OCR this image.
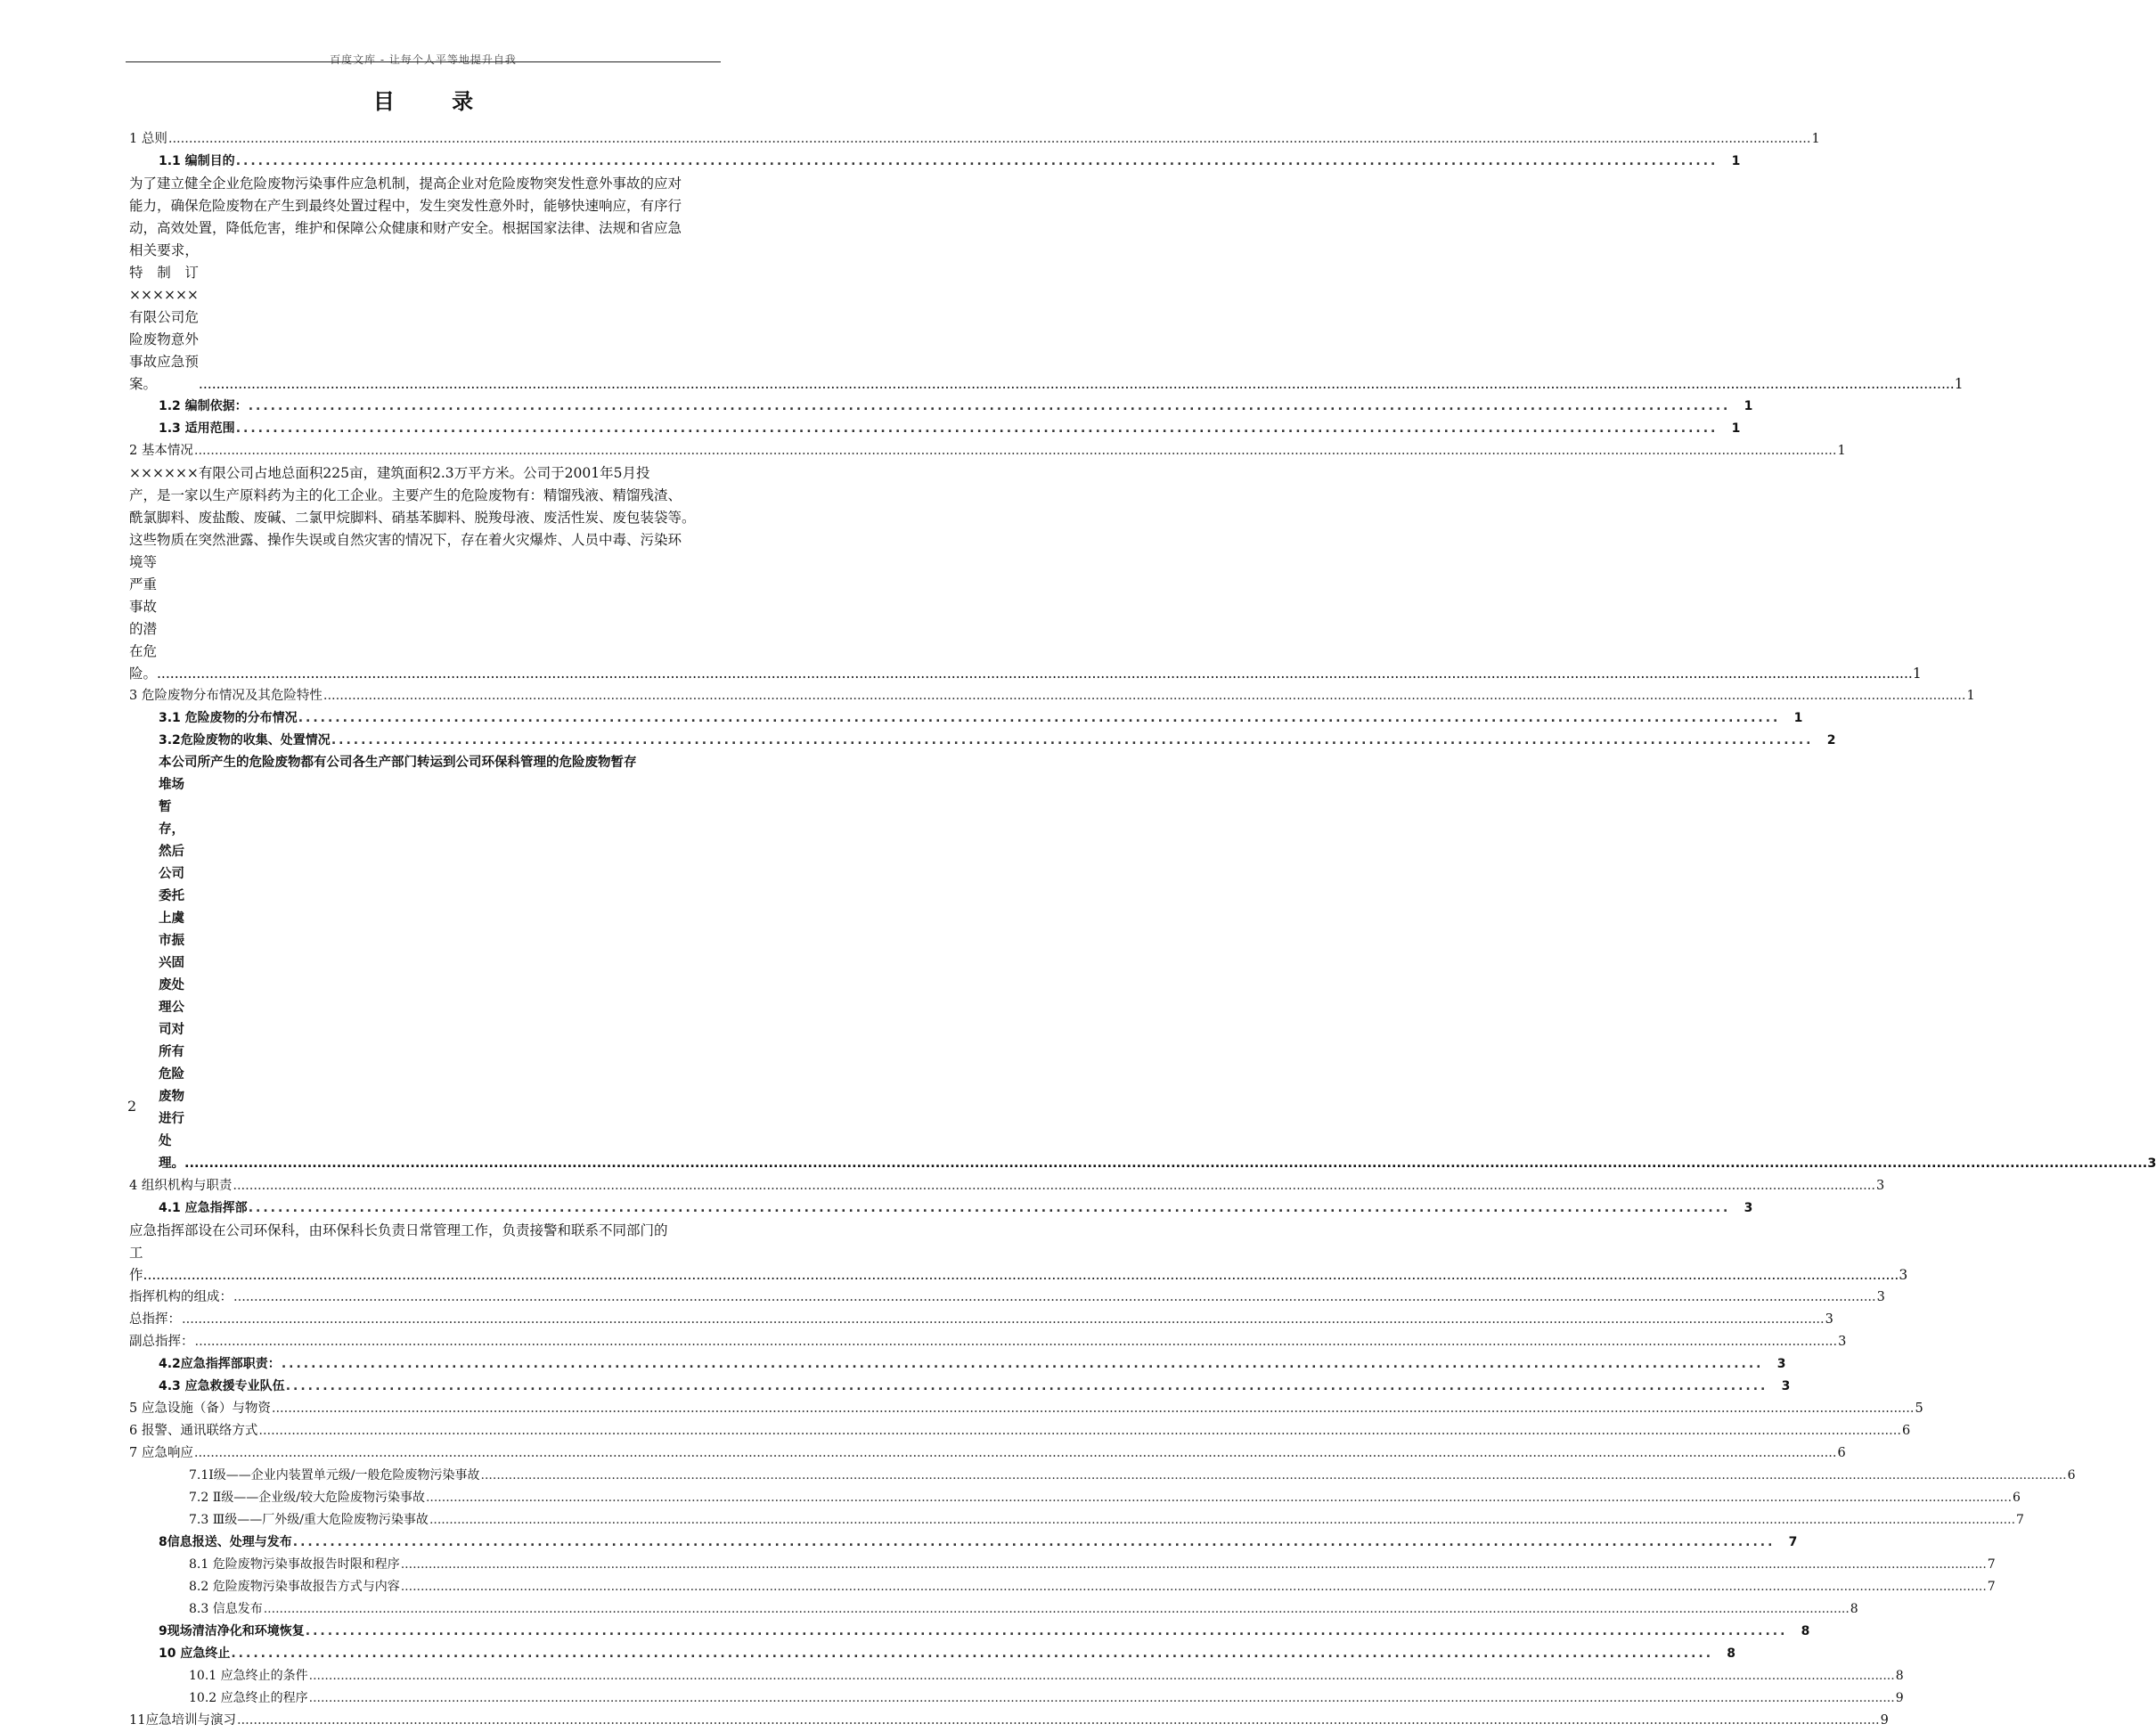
百度文库 - 让每个人平等地提升自我
目 录
1 总则 ................................................................................................................................................................................................................................................................................................................................................................................................................ 1
1.1 编制目的 ........................................................................................................................................................................................................	1
为了建立健全企业危险废物污染事件应急机制，提高企业对危险废物突发性意外事故的应对
能力，确保危险废物在产生到最终处置过程中，发生突发性意外时，能够快速响应，有序行
动，高效处置，降低危害，维护和保障公众健康和财产安全。根据国家法律、法规和省应急
相关要求，特制订××××××有限公司危险废物意外事故应急预案。	................................................................................................................................................................................................................................................................................................................................................................................................................ 1
1.2 编制依据： ........................................................................................................................................................................................................	1
1.3 适用范围 ........................................................................................................................................................................................................	1
2 基本情况 ................................................................................................................................................................................................................................................................................................................................................................................................................ 1
××××××有限公司占地总面积225亩，建筑面积2.3万平方米。公司于2001年5月投
产，是一家以生产原料药为主的化工企业。主要产生的危险废物有：精馏残液、精馏残渣、
酰氯脚料、废盐酸、废碱、二氯甲烷脚料、硝基苯脚料、脱羧母液、废活性炭、废包装袋等。
这些物质在突然泄露、操作失误或自然灾害的情况下，存在着火灾爆炸、人员中毒、污染环
境等严重事故的潜在危险。 ................................................................................................................................................................................................................................................................................................................................................................................................................ 1
3 危险废物分布情况及其危险特性 ................................................................................................................................................................................................................................................................................................................................................................................................................ 1
3.1 危险废物的分布情况 ........................................................................................................................................................................................................	1
3.2危险废物的收集、处置情况 ........................................................................................................................................................................................................	2
本公司所产生的危险废物都有公司各生产部门转运到公司环保科管理的危险废物暂存
堆场暂存，然后公司委托上虞市振兴固废处理公司对所有危险废物进行处理。 ................................................................................................................................................................................................................................................................................................................................................................................................................ 3
4 组织机构与职责 ................................................................................................................................................................................................................................................................................................................................................................................................................ 3
4.1 应急指挥部 ........................................................................................................................................................................................................	3
应急指挥部设在公司环保科，由环保科长负责日常管理工作，负责接警和联系不同部门的
工作 ................................................................................................................................................................................................................................................................................................................................................................................................................ 3
指挥机构的组成： ................................................................................................................................................................................................................................................................................................................................................................................................................ 3
总指挥： ................................................................................................................................................................................................................................................................................................................................................................................................................ 3
副总指挥： ................................................................................................................................................................................................................................................................................................................................................................................................................ 3
4.2应急指挥部职责： ........................................................................................................................................................................................................	3
4.3 应急救援专业队伍 ........................................................................................................................................................................................................	3
5 应急设施（备）与物资 ................................................................................................................................................................................................................................................................................................................................................................................................................ 5
6 报警、通讯联络方式 ................................................................................................................................................................................................................................................................................................................................................................................................................ 6
7 应急响应 ................................................................................................................................................................................................................................................................................................................................................................................................................ 6
7.1Ⅰ级——企业内装置单元级/一般危险废物污染事故 ................................................................................................................................................................................................................................................................................................................................................................................................................ 6
7.2 Ⅱ级——企业级/较大危险废物污染事故 ................................................................................................................................................................................................................................................................................................................................................................................................................ 6
7.3 Ⅲ级——厂外级/重大危险废物污染事故 ................................................................................................................................................................................................................................................................................................................................................................................................................ 7
8信息报送、处理与发布 ........................................................................................................................................................................................................	7
8.1 危险废物污染事故报告时限和程序 ................................................................................................................................................................................................................................................................................................................................................................................................................ 7
8.2 危险废物污染事故报告方式与内容 ................................................................................................................................................................................................................................................................................................................................................................................................................ 7
8.3 信息发布 ................................................................................................................................................................................................................................................................................................................................................................................................................ 8
9现场清洁净化和环境恢复 ........................................................................................................................................................................................................	8
10 应急终止 ........................................................................................................................................................................................................	8
10.1 应急终止的条件 ................................................................................................................................................................................................................................................................................................................................................................................................................ 8
10.2 应急终止的程序 ................................................................................................................................................................................................................................................................................................................................................................................................................ 9
11应急培训与演习 ................................................................................................................................................................................................................................................................................................................................................................................................................ 9
2
